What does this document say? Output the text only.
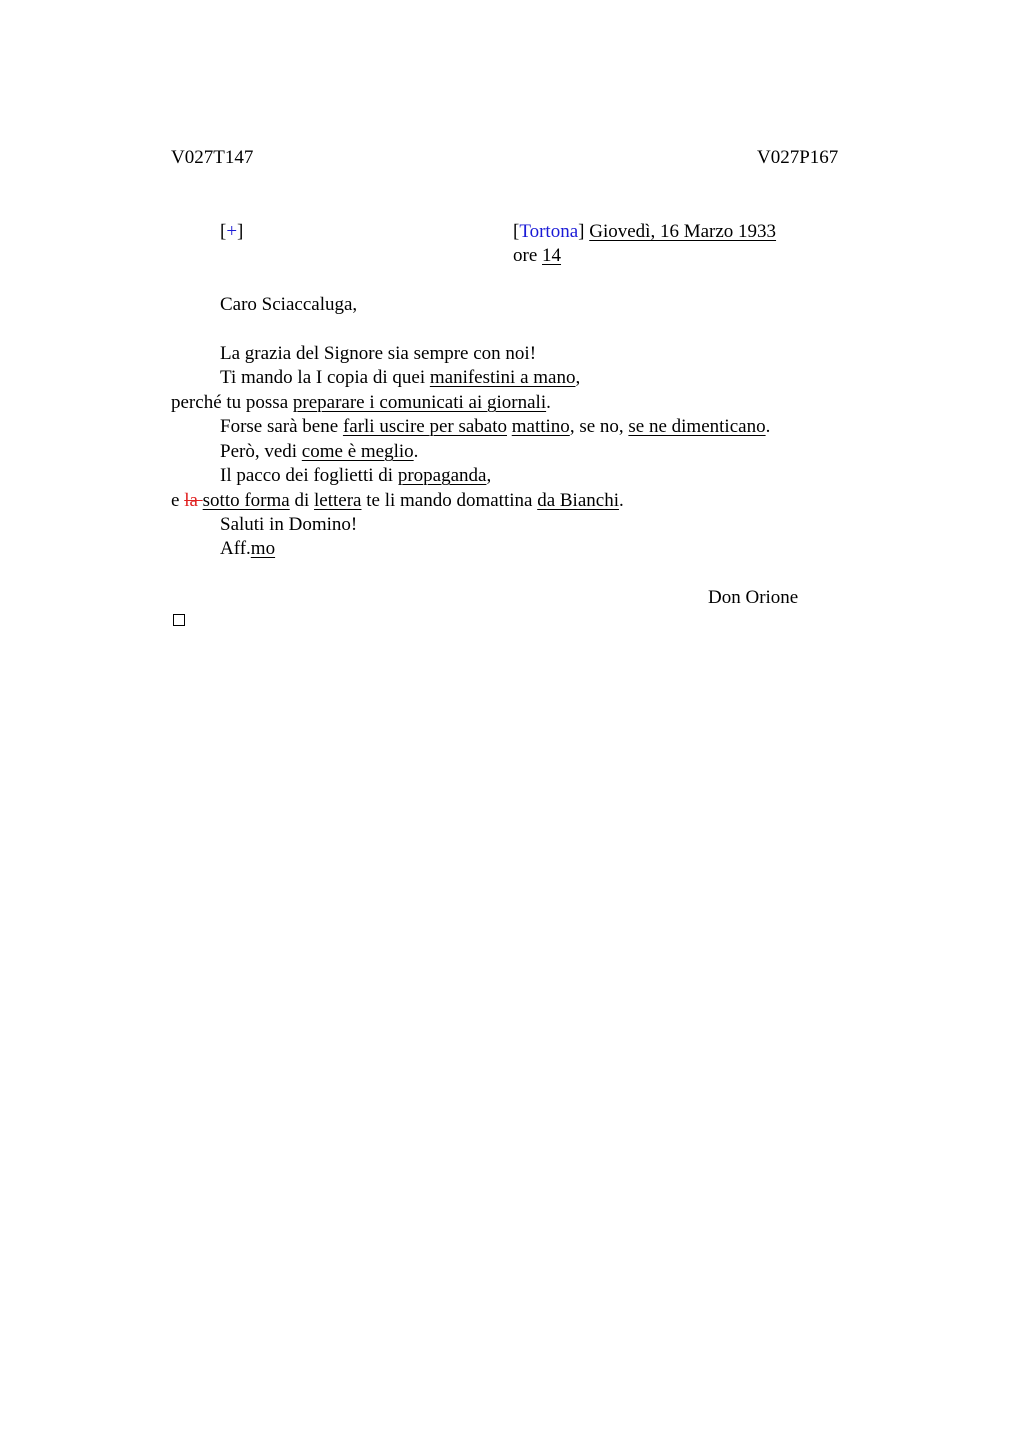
V027T147	V027P167
[+]	[Tortona] Giovedì, 16 Marzo 1933
ore 14
Caro Sciaccaluga,
La grazia del Signore sia sempre con noi!
Ti mando la I copia di quei manifestini a mano,
perché tu possa preparare i comunicati ai giornali.
Forse sarà bene farli uscire per sabato mattino, se no, se ne dimenticano.
Però, vedi come è meglio.
Il pacco dei foglietti di propaganda,
e la sotto forma di lettera te li mando domattina da Bianchi.
Saluti in Domino!
Aff.mo
Don Orione
